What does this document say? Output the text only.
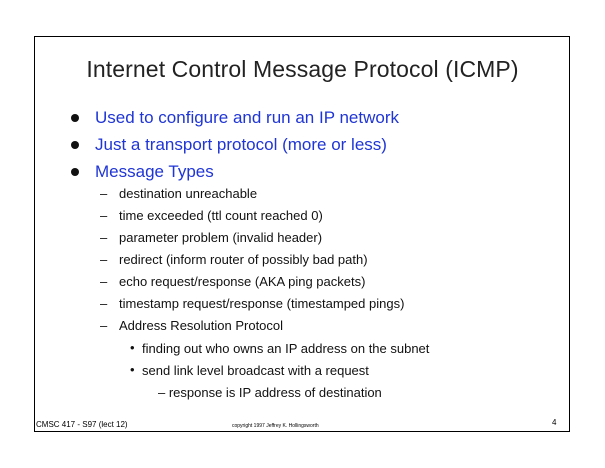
Internet Control Message Protocol (ICMP)
Used to configure and run an IP network
Just a transport protocol (more or less)
Message Types
– destination unreachable
– time exceeded (ttl count reached 0)
– parameter problem (invalid header)
– redirect (inform router of possibly bad path)
– echo request/response (AKA ping packets)
– timestamp request/response (timestamped pings)
– Address Resolution Protocol
• finding out who owns an IP address on the subnet
• send link level broadcast with a request
– response is IP address of destination
CMSC 417 - S97 (lect 12)	copyright 1997 Jeffrey K. Hollingsworth	4
